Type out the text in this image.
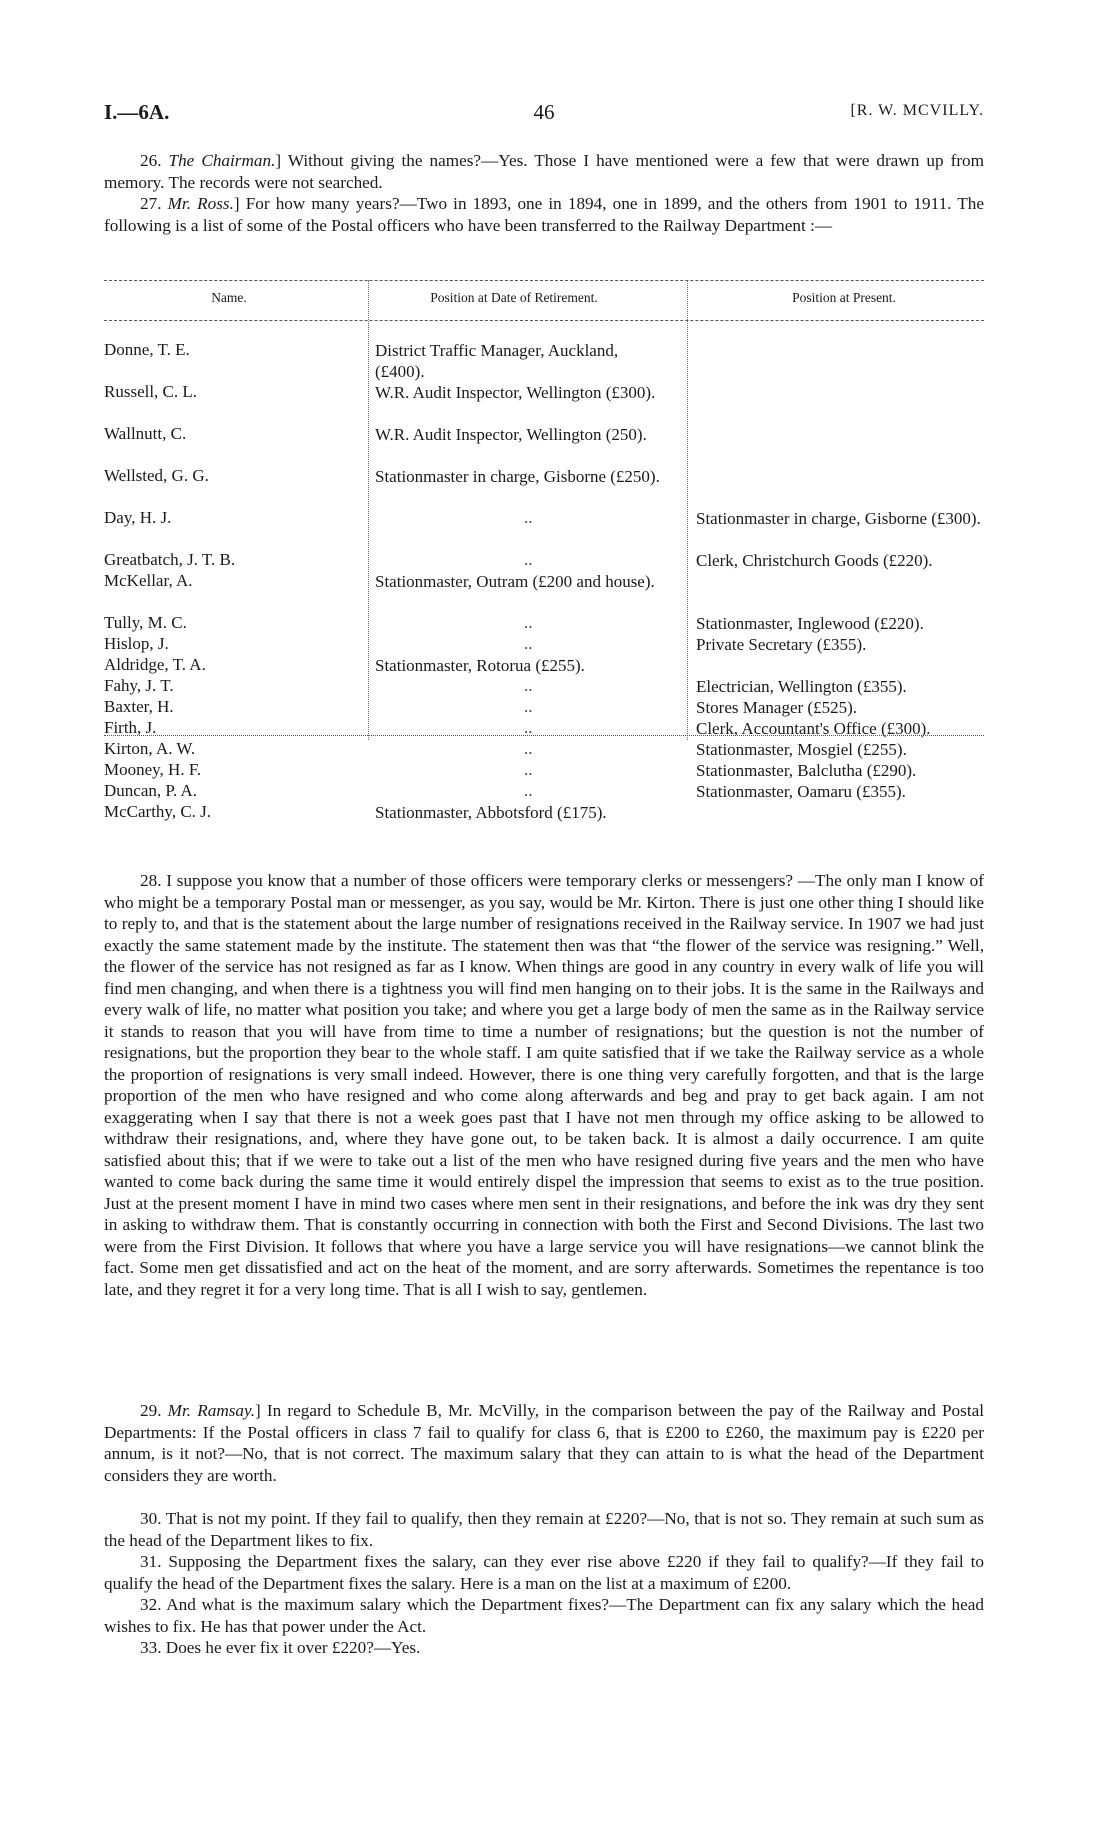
I.—6A.	46	[R. W. MCVILLY.

26. The Chairman.] Without giving the names?—Yes. Those I have mentioned were a few that were drawn up from memory. The records were not searched.

27. Mr. Ross.] For how many years?—Two in 1893, one in 1894, one in 1899, and the others from 1901 to 1911. The following is a list of some of the Postal officers who have been transferred to the Railway Department :—

Name.	Position at Date of Retirement.	Position at Present.
Donne, T. E.	District Traffic Manager, Auckland, (£400).
Russell, C. L.	W.R. Audit Inspector, Wellington (£300).
Wallnutt, C.	W.R. Audit Inspector, Wellington (250).
Wellsted, G. G.	Stationmaster in charge, Gisborne (£250).
Day, H. J.	..	Stationmaster in charge, Gisborne (£300).
Greatbatch, J. T. B.	..	Clerk, Christchurch Goods (£220).
McKellar, A.	Stationmaster, Outram (£200 and house).
Tully, M. C.	..	Stationmaster, Inglewood (£220).
Hislop, J.	..	Private Secretary (£355).
Aldridge, T. A.	Stationmaster, Rotorua (£255).
Fahy, J. T.	..	Electrician, Wellington (£355).
Baxter, H.	..	Stores Manager (£525).
Firth, J.	..	Clerk, Accountant's Office (£300).
Kirton, A. W.	..	Stationmaster, Mosgiel (£255).
Mooney, H. F.	..	Stationmaster, Balclutha (£290).
Duncan, P. A.	..	Stationmaster, Oamaru (£355).
McCarthy, C. J.	Stationmaster, Abbotsford (£175).

28. I suppose you know that a number of those officers were temporary clerks or messengers? —The only man I know of who might be a temporary Postal man or messenger, as you say, would be Mr. Kirton. There is just one other thing I should like to reply to, and that is the statement about the large number of resignations received in the Railway service. In 1907 we had just exactly the same statement made by the institute. The statement then was that “the flower of the service was resigning.” Well, the flower of the service has not resigned as far as I know. When things are good in any country in every walk of life you will find men changing, and when there is a tightness you will find men hanging on to their jobs. It is the same in the Railways and every walk of life, no matter what position you take; and where you get a large body of men the same as in the Railway service it stands to reason that you will have from time to time a number of resignations; but the question is not the number of resignations, but the proportion they bear to the whole staff. I am quite satisfied that if we take the Railway service as a whole the proportion of resignations is very small indeed. However, there is one thing very carefully forgotten, and that is the large proportion of the men who have resigned and who come along afterwards and beg and pray to get back again. I am not exaggerating when I say that there is not a week goes past that I have not men through my office asking to be allowed to withdraw their resignations, and, where they have gone out, to be taken back. It is almost a daily occurrence. I am quite satisfied about this; that if we were to take out a list of the men who have resigned during five years and the men who have wanted to come back during the same time it would entirely dispel the impression that seems to exist as to the true position. Just at the present moment I have in mind two cases where men sent in their resignations, and before the ink was dry they sent in asking to withdraw them. That is constantly occurring in connection with both the First and Second Divisions. The last two were from the First Division. It follows that where you have a large service you will have resignations—we cannot blink the fact. Some men get dissatisfied and act on the heat of the moment, and are sorry afterwards. Sometimes the repentance is too late, and they regret it for a very long time. That is all I wish to say, gentlemen.

29. Mr. Ramsay.] In regard to Schedule B, Mr. McVilly, in the comparison between the pay of the Railway and Postal Departments: If the Postal officers in class 7 fail to qualify for class 6, that is £200 to £260, the maximum pay is £220 per annum, is it not?—No, that is not correct. The maximum salary that they can attain to is what the head of the Department considers they are worth.

30. That is not my point. If they fail to qualify, then they remain at £220?—No, that is not so. They remain at such sum as the head of the Department likes to fix.

31. Supposing the Department fixes the salary, can they ever rise above £220 if they fail to qualify?—If they fail to qualify the head of the Department fixes the salary. Here is a man on the list at a maximum of £200.

32. And what is the maximum salary which the Department fixes?—The Department can fix any salary which the head wishes to fix. He has that power under the Act.

33. Does he ever fix it over £220?—Yes.
